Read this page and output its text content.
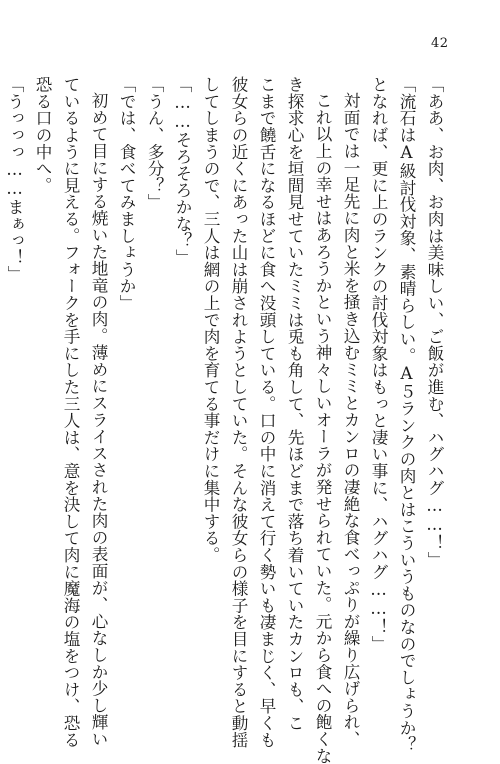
42
「ああ、お肉、お肉は美味しい、ご飯が進む、ハグハグ……！」
「流石はA級討伐対象、素晴らしい。A５ランクの肉とはこういうものなのでしょうか？
となれば、更に上のランクの討伐対象はもっと凄い事に、ハグハグ……！」
対面では一足先に肉と米を掻き込むミミとカンロの凄絶な食べっぷりが繰り広げられ、
これ以上の幸せはあろうかという神々しいオーラが発せられていた。元から食への飽くな
き探求心を垣間見せていたミミは兎も角して、先ほどまで落ち着いていたカンロも、こ
こまで饒舌になるほどに食へ没頭している。口の中に消えて行く勢いも凄まじく、早くも
彼女らの近くにあった山は崩されようとしていた。そんな彼女らの様子を目にすると動揺
してしまうので、三人は網の上で肉を育てる事だけに集中する。
「……そろそろかな？」
「うん、多分？」
「では、食べてみましょうか」
初めて目にする焼いた地竜の肉。薄めにスライスされた肉の表面が、心なしか少し輝い
ているように見える。フォークを手にした三人は、意を決して肉に魔海の塩をつけ、恐る
恐る口の中へ。
「うっっっ……まぁっ！」
